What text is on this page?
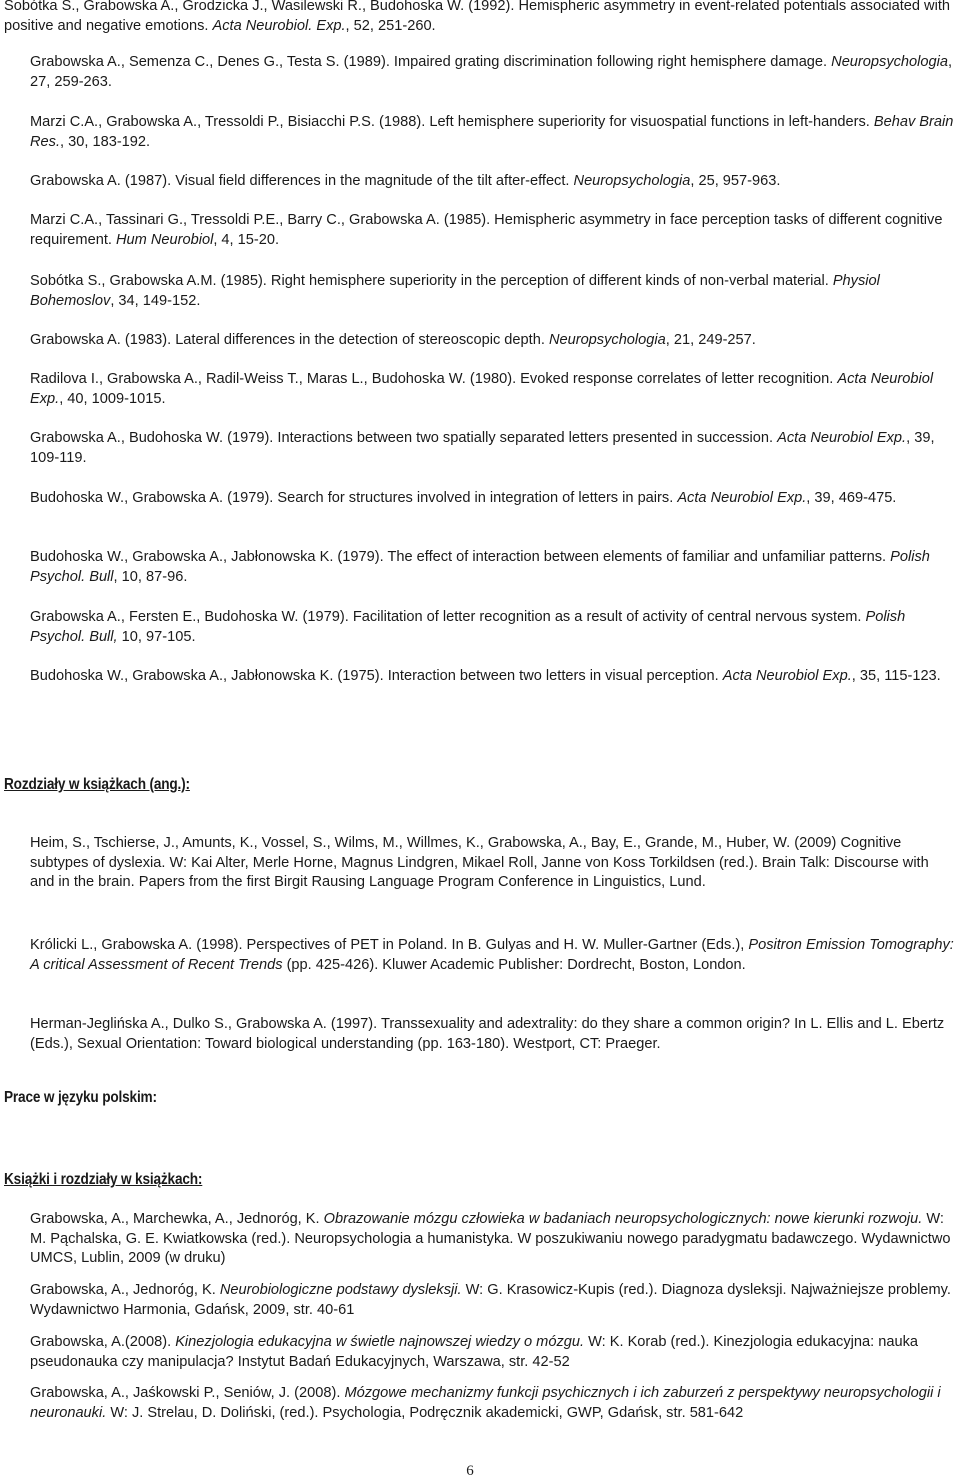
Sobótka S., Grabowska A., Grodzicka J., Wasilewski R., Budohoska W. (1992). Hemispheric asymmetry in event-related potentials associated with positive and negative emotions. Acta Neurobiol. Exp., 52, 251-260.

Grabowska A., Semenza C., Denes G., Testa S. (1989). Impaired grating discrimination following right hemisphere damage. Neuropsychologia, 27, 259-263.

Marzi C.A., Grabowska A., Tressoldi P., Bisiacchi P.S. (1988). Left hemisphere superiority for visuospatial functions in left-handers. Behav Brain Res., 30, 183-192.

Grabowska A. (1987). Visual field differences in the magnitude of the tilt after-effect. Neuropsychologia, 25, 957-963.

Marzi C.A., Tassinari G., Tressoldi P.E., Barry C., Grabowska A. (1985). Hemispheric asymmetry in face perception tasks of different cognitive requirement. Hum Neurobiol, 4, 15-20.

Sobótka S., Grabowska A.M. (1985). Right hemisphere superiority in the perception of different kinds of non-verbal material. Physiol Bohemoslov, 34, 149-152.

Grabowska A. (1983). Lateral differences in the detection of stereoscopic depth. Neuropsychologia, 21, 249-257.

Radilova I., Grabowska A., Radil-Weiss T., Maras L., Budohoska W. (1980). Evoked response correlates of letter recognition. Acta Neurobiol Exp., 40, 1009-1015.

Grabowska A., Budohoska W. (1979). Interactions between two spatially separated letters presented in succession. Acta Neurobiol Exp., 39, 109-119.

Budohoska W., Grabowska A. (1979). Search for structures involved in integration of letters in pairs. Acta Neurobiol Exp., 39, 469-475.

Budohoska W., Grabowska A., Jabłonowska K. (1979). The effect of interaction between elements of familiar and unfamiliar patterns. Polish Psychol. Bull, 10, 87-96.

Grabowska A., Fersten E., Budohoska W. (1979). Facilitation of letter recognition as a result of activity of central nervous system. Polish Psychol. Bull, 10, 97-105.

Budohoska W., Grabowska A., Jabłonowska K. (1975). Interaction between two letters in visual perception. Acta Neurobiol Exp., 35, 115-123.

Rozdziały w książkach (ang.):

Heim, S., Tschierse, J., Amunts, K., Vossel, S., Wilms, M., Willmes, K., Grabowska, A., Bay, E., Grande, M., Huber, W. (2009) Cognitive subtypes of dyslexia. W: Kai Alter, Merle Horne, Magnus Lindgren, Mikael Roll, Janne von Koss Torkildsen (red.). Brain Talk: Discourse with and in the brain. Papers from the first Birgit Rausing Language Program Conference in Linguistics, Lund.

Królicki L., Grabowska A. (1998). Perspectives of PET in Poland. In B. Gulyas and H. W. Muller-Gartner (Eds.), Positron Emission Tomography: A critical Assessment of Recent Trends (pp. 425-426). Kluwer Academic Publisher: Dordrecht, Boston, London.

Herman-Jeglińska A., Dulko S., Grabowska A. (1997). Transsexuality and adextrality: do they share a common origin? In L. Ellis and L. Ebertz (Eds.), Sexual Orientation: Toward biological understanding (pp. 163-180). Westport, CT: Praeger.

Prace w języku polskim:
Książki i rozdziały w książkach:

Grabowska, A., Marchewka, A., Jednoróg, K. Obrazowanie mózgu człowieka w badaniach neuropsychologicznych: nowe kierunki rozwoju. W: M. Pąchalska, G. E. Kwiatkowska (red.). Neuropsychologia a humanistyka. W poszukiwaniu nowego paradygmatu badawczego. Wydawnictwo UMCS, Lublin, 2009 (w druku)

Grabowska, A., Jednoróg, K. Neurobiologiczne podstawy dysleksji. W: G. Krasowicz-Kupis (red.). Diagnoza dysleksji. Najważniejsze problemy. Wydawnictwo Harmonia, Gdańsk, 2009, str. 40-61

Grabowska, A.(2008). Kinezjologia edukacyjna w świetle najnowszej wiedzy o mózgu. W: K. Korab (red.). Kinezjologia edukacyjna: nauka pseudonauka czy manipulacja? Instytut Badań Edukacyjnych, Warszawa, str. 42-52

Grabowska, A., Jaśkowski P., Seniów, J. (2008). Mózgowe mechanizmy funkcji psychicznych i ich zaburzeń z perspektywy neuropsychologii i neuronauki. W: J. Strelau, D. Doliński, (red.). Psychologia, Podręcznik akademicki, GWP, Gdańsk, str. 581-642

6
